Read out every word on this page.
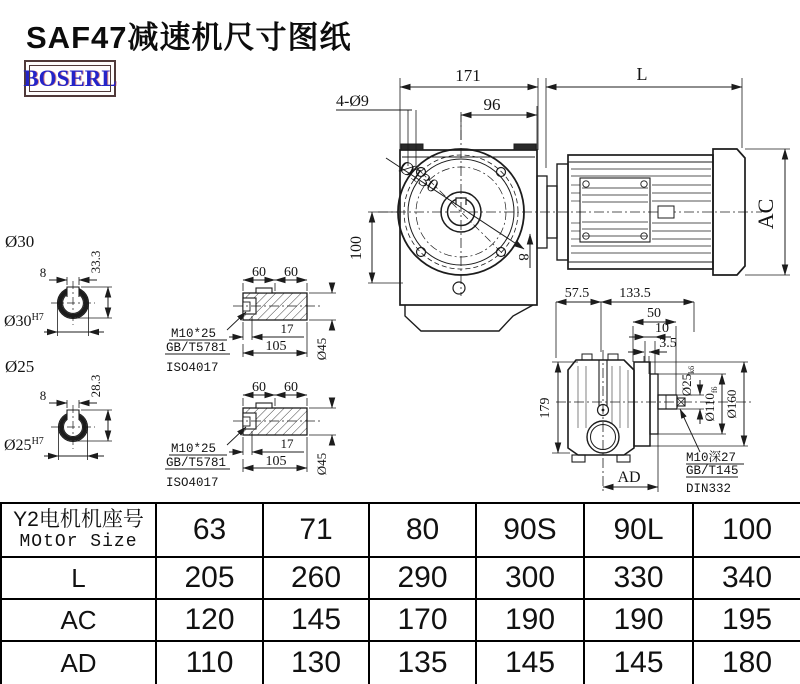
SAF47减速机尺寸图纸
BOSERL	171	L
4-Ø9	96
Ø130
100	8
AC
57.5 133.5
50
10
3.5
$Ø25_{k6}$
$Ø110_{f6}$ Ø160
179
AD
M10深27
GB/T145
DIN332
Ø30
8	33.3
$Ø30^{H7}$
Ø25
8	28.3
$Ø25^{H7}$
60 60
17
105 Ø45
M10*25
GB/T5781
ISO4017
60 60
17
105 Ø45
M10*25
GB/T5781
ISO4017
Y2电机机座号
MOtOr Size	63	71	80	90S	90L	100
L	205	260	290	300	330	340
AC	120	145	170	190	190	195
AD	110	130	135	145	145	180
